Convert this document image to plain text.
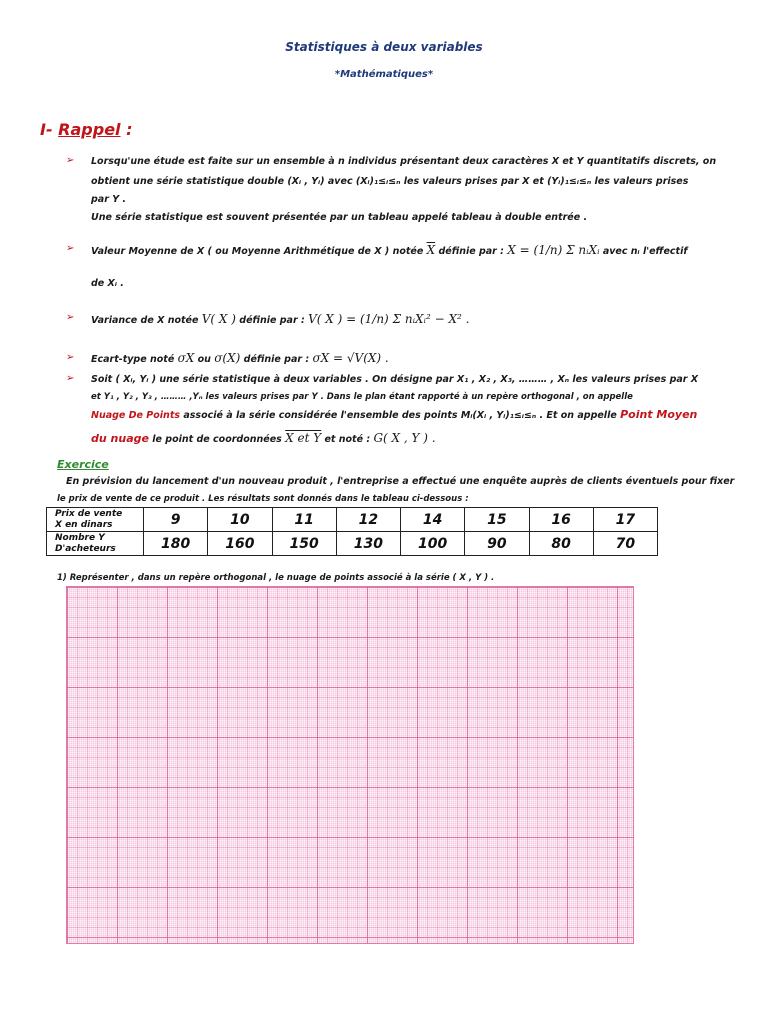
Statistiques à deux variables
*Mathématiques*
I- Rappel :
➢ Lorsqu'une étude est faite sur un ensemble à n individus présentant deux caractères X et Y quantitatifs discrets, on
obtient une série statistique double (Xᵢ , Yᵢ) avec (Xᵢ)₁≤ᵢ≤ₙ les valeurs prises par X et (Yᵢ)₁≤ᵢ≤ₙ les valeurs prises
par Y .
Une série statistique est souvent présentée par un tableau appelé tableau à double entrée .
➢ Valeur Moyenne de X ( ou Moyenne Arithmétique de X ) notée $\overline{X}$ définie par : X = (1/n) Σ nᵢXᵢ avec nᵢ l'effectif
de Xᵢ .
➢ Variance de X notée V( X ) définie par : V( X ) = (1/n) Σ nᵢXᵢ² − X² .
➢ Ecart-type noté σX ou σ(X) définie par : σX = √V(X) .
➢ Soit ( Xᵢ, Yᵢ ) une série statistique à deux variables . On désigne par X₁ , X₂ , X₃, ……… , Xₙ les valeurs prises par X
et Y₁ , Y₂ , Y₃ , ……… ,Yₙ les valeurs prises par Y . Dans le plan étant rapporté à un repère orthogonal , on appelle
Nuage De Points associé à la série considérée l'ensemble des points Mᵢ(Xᵢ , Yᵢ)₁≤ᵢ≤ₙ . Et on appelle Point Moyen
du nuage le point de coordonnées X et Y et noté : G( X , Y ) .
Exercice
En prévision du lancement d'un nouveau produit , l'entreprise a effectué une enquête auprès de clients éventuels pour fixer
le prix de vente de ce produit . Les résultats sont donnés dans le tableau ci-dessous :
Prix de vente
X en dinars	9	10	11	12	14	15	16	17
Nombre Y
D'acheteurs	180	160	150	130	100	90	80	70
1) Représenter , dans un repère orthogonal , le nuage de points associé à la série ( X , Y ) .
